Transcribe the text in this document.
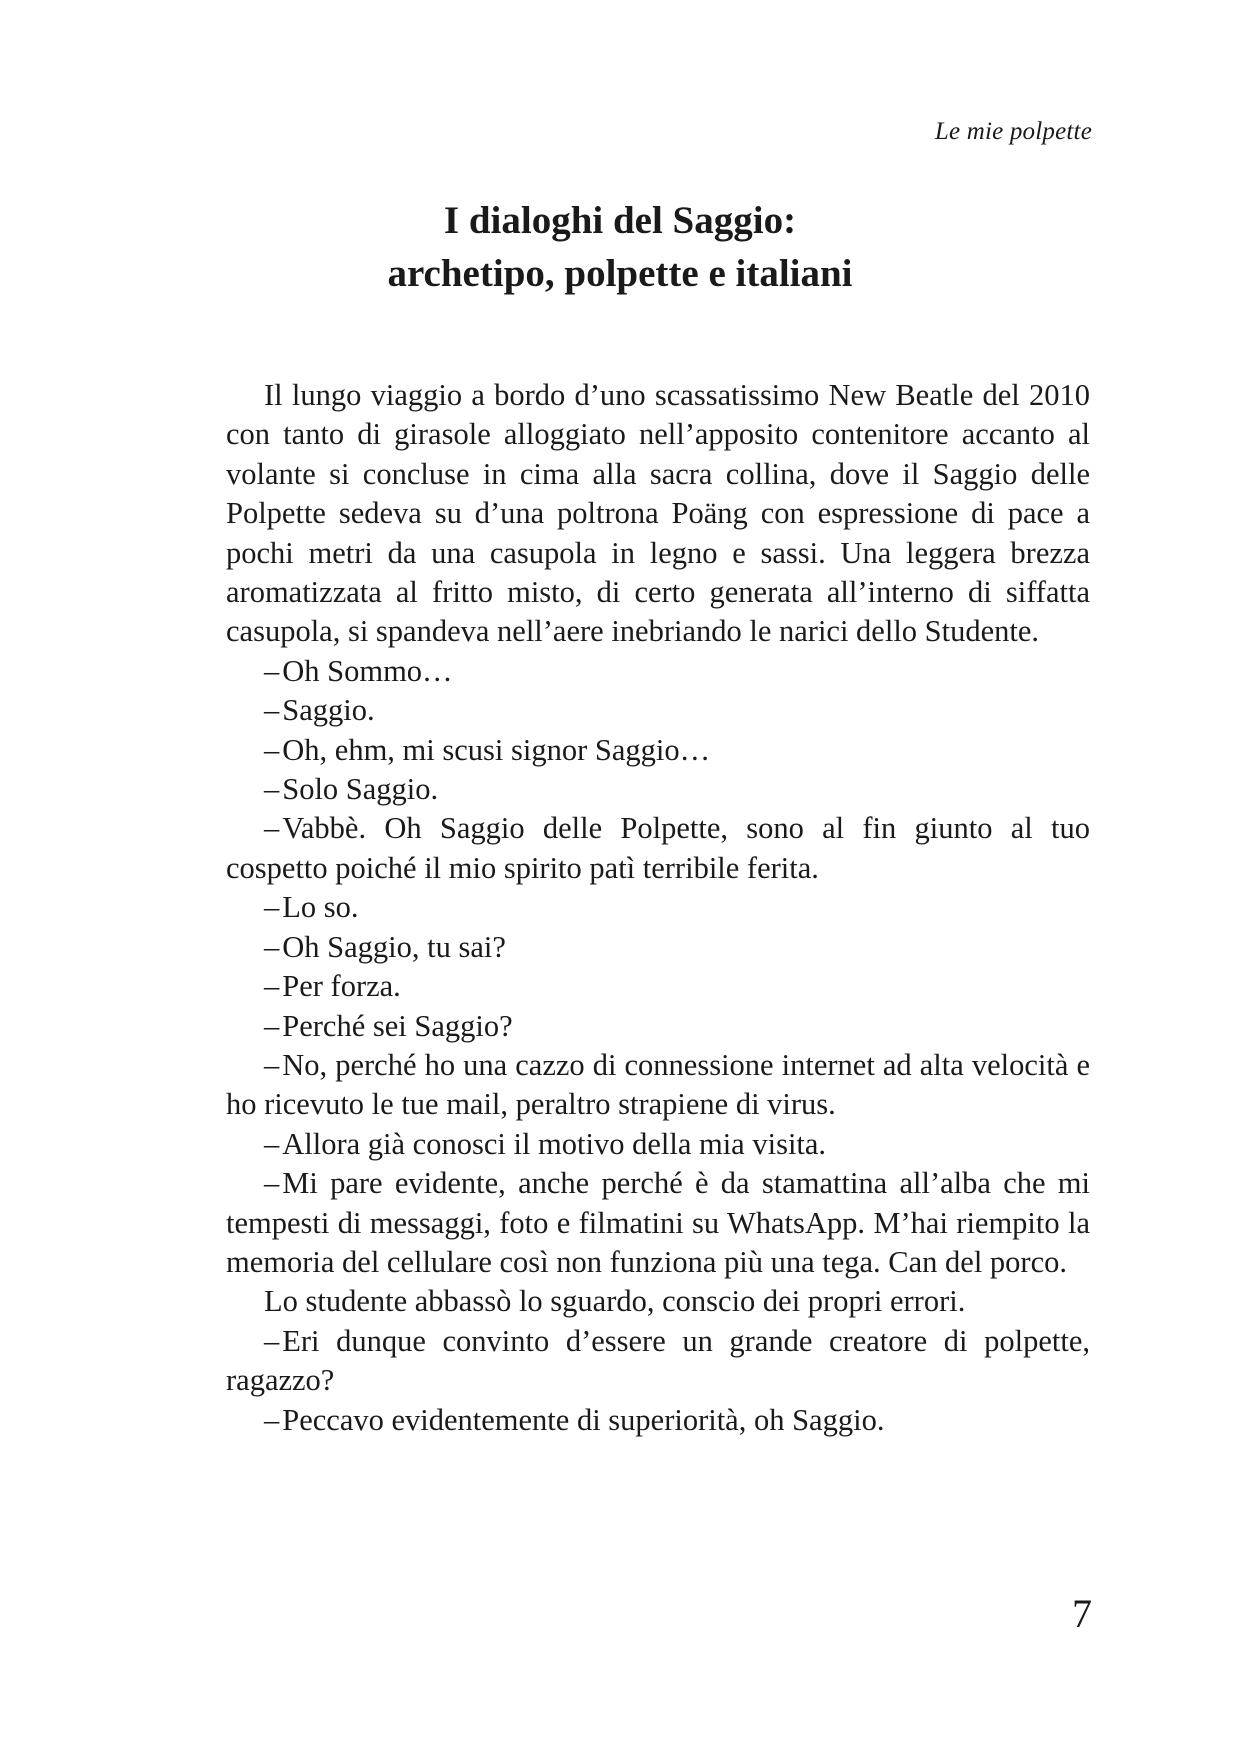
Le mie polpette
I dialoghi del Saggio:
archetipo, polpette e italiani

Il lungo viaggio a bordo d’uno scassatissimo New Beatle del 2010 con tanto di girasole alloggiato nell’apposito contenitore accanto al volante si concluse in cima alla sacra collina, dove il Saggio delle Polpette sedeva su d’una poltrona Poäng con espressione di pace a pochi metri da una casupola in legno e sassi. Una leggera brezza aromatizzata al fritto misto, di certo generata all’interno di siffatta casupola, si spandeva nell’aere inebriando le narici dello Studente.

–Oh Sommo…

–Saggio.

–Oh, ehm, mi scusi signor Saggio…

–Solo Saggio.

–Vabbè. Oh Saggio delle Polpette, sono al fin giunto al tuo cospetto poiché il mio spirito patì terribile ferita.

–Lo so.

–Oh Saggio, tu sai?

–Per forza.

–Perché sei Saggio?

–No, perché ho una cazzo di connessione internet ad alta velocità e ho ricevuto le tue mail, peraltro strapiene di virus.

–Allora già conosci il motivo della mia visita.

–Mi pare evidente, anche perché è da stamattina all’alba che mi tempesti di messaggi, foto e filmatini su WhatsApp. M’hai riempito la memoria del cellulare così non funziona più una tega. Can del porco.

Lo studente abbassò lo sguardo, conscio dei propri errori.

–Eri dunque convinto d’essere un grande creatore di polpette, ragazzo?

–Peccavo evidentemente di superiorità, oh Saggio.

7
